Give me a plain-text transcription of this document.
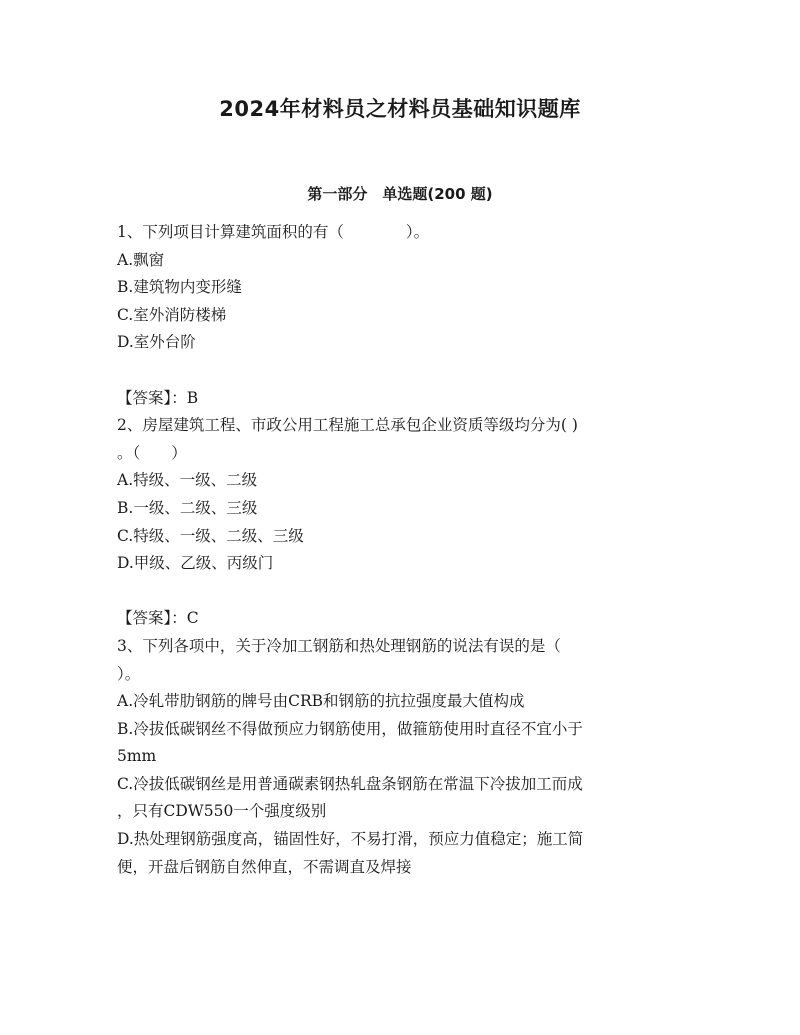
2024年材料员之材料员基础知识题库
第一部分　单选题(200 题)
1、下列项目计算建筑面积的有（　　　　）。
A.飘窗
B.建筑物内变形缝
C.室外消防楼梯
D.室外台阶
【答案】：B
2、房屋建筑工程、市政公用工程施工总承包企业资质等级均分为( )
。（　　）
A.特级、一级、二级
B.一级、二级、三级
C.特级、一级、二级、三级
D.甲级、乙级、丙级门
【答案】：C
3、下列各项中，关于冷加工钢筋和热处理钢筋的说法有误的是（
）。
A.冷轧带肋钢筋的牌号由CRB和钢筋的抗拉强度最大值构成
B.冷拔低碳钢丝不得做预应力钢筋使用，做箍筋使用时直径不宜小于
5mm
C.冷拔低碳钢丝是用普通碳素钢热轧盘条钢筋在常温下冷拔加工而成
，只有CDW550一个强度级别
D.热处理钢筋强度高，锚固性好，不易打滑，预应力值稳定；施工简
便，开盘后钢筋自然伸直，不需调直及焊接
